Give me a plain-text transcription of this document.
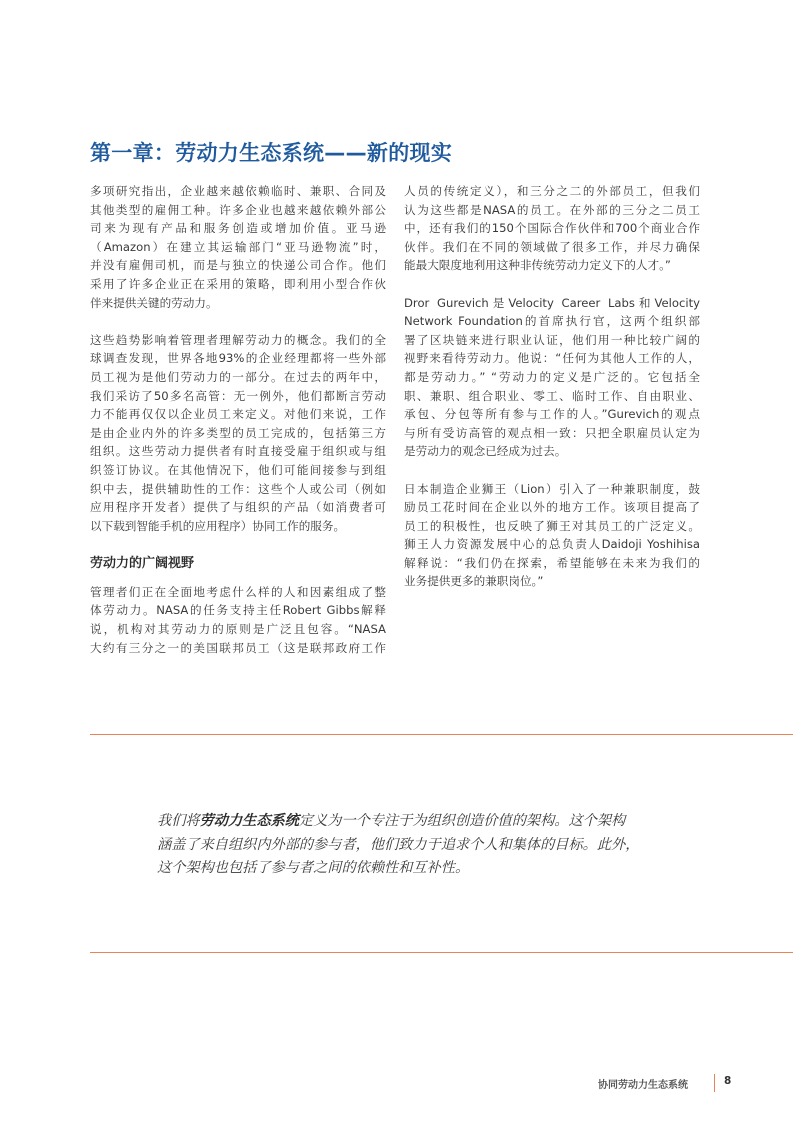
第一章：劳动力生态系统——新的现实

多项研究指出，企业越来越依赖临时、兼职、合同及
其他类型的雇佣工种。许多企业也越来越依赖外部公
司来为现有产品和服务创造或增加价值。亚马逊
（Amazon）在建立其运输部门“亚马逊物流”时，
并没有雇佣司机，而是与独立的快递公司合作。他们
采用了许多企业正在采用的策略，即利用小型合作伙
伴来提供关键的劳动力。

这些趋势影响着管理者理解劳动力的概念。我们的全
球调查发现，世界各地93%的企业经理都将一些外部
员工视为是他们劳动力的一部分。在过去的两年中，
我们采访了50多名高管：无一例外，他们都断言劳动
力不能再仅仅以企业员工来定义。对他们来说，工作
是由企业内外的许多类型的员工完成的，包括第三方
组织。这些劳动力提供者有时直接受雇于组织或与组
织签订协议。在其他情况下，他们可能间接参与到组
织中去，提供辅助性的工作：这些个人或公司（例如
应用程序开发者）提供了与组织的产品（如消费者可
以下载到智能手机的应用程序）协同工作的服务。

劳动力的广阔视野

管理者们正在全面地考虑什么样的人和因素组成了整
体劳动力。NASA的任务支持主任Robert Gibbs解释
说，机构对其劳动力的原则是广泛且包容。“NASA
大约有三分之一的美国联邦员工（这是联邦政府工作

人员的传统定义），和三分之二的外部员工，但我们
认为这些都是NASA的员工。在外部的三分之二员工
中，还有我们的150个国际合作伙伴和700个商业合作
伙伴。我们在不同的领域做了很多工作，并尽力确保
能最大限度地利用这种非传统劳动力定义下的人才。”

Dror Gurevich是Velocity Career Labs和Velocity
Network Foundation的首席执行官，这两个组织部
署了区块链来进行职业认证，他们用一种比较广阔的
视野来看待劳动力。他说：“任何为其他人工作的人，
都是劳动力。” “劳动力的定义是广泛的。它包括全
职、兼职、组合职业、零工、临时工作、自由职业、
承包、分包等所有参与工作的人。”Gurevich的观点
与所有受访高管的观点相一致：只把全职雇员认定为
是劳动力的观念已经成为过去。

日本制造企业狮王（Lion）引入了一种兼职制度，鼓
励员工花时间在企业以外的地方工作。该项目提高了
员工的积极性，也反映了狮王对其员工的广泛定义。
狮王人力资源发展中心的总负责人Daidoji Yoshihisa
解释说：“我们仍在探索，希望能够在未来为我们的
业务提供更多的兼职岗位。”

我们将劳动力生态系统定义为一个专注于为组织创造价值的架构。这个架构
涵盖了来自组织内外部的参与者，他们致力于追求个人和集体的目标。此外，
这个架构也包括了参与者之间的依赖性和互补性。
协同劳动力生态系统	8
